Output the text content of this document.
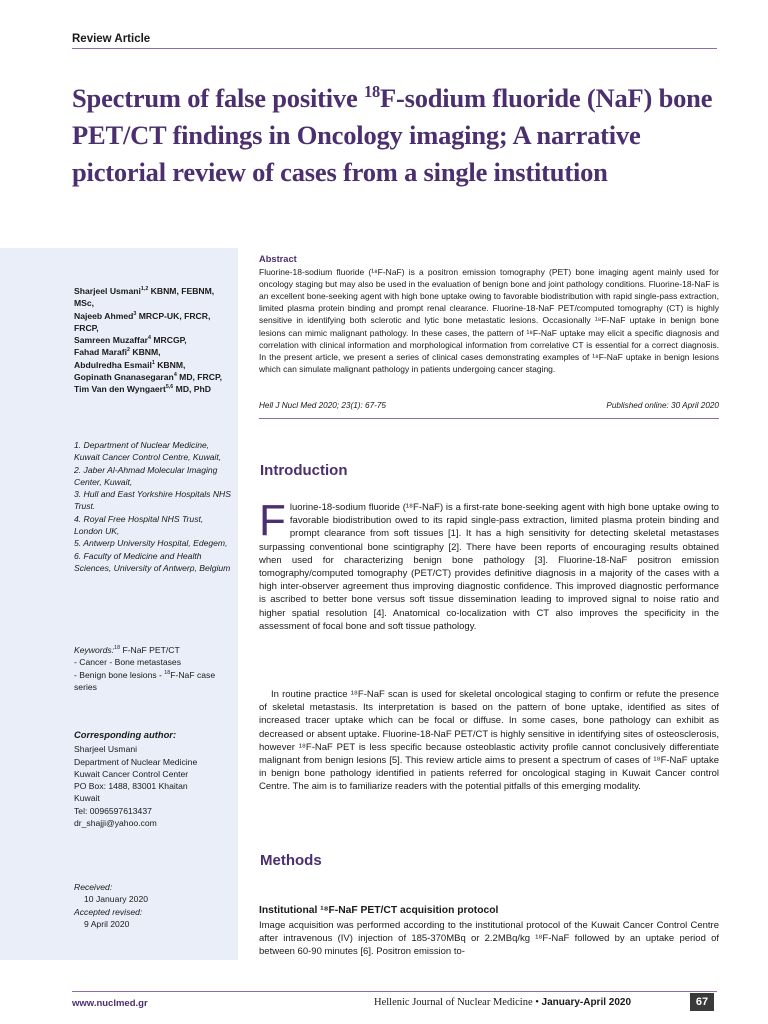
Review Article
Spectrum of false positive $^{18}$F-sodium fluoride (NaF) bone PET/CT findings in Oncology imaging; A narrative pictorial review of cases from a single institution
Sharjeel Usmani$^{1,2}$ KBNM, FEBNM, MSc,
Najeeb Ahmed$^3$ MRCP-UK, FRCR, FRCP,
Samreen Muzaffar$^4$ MRCGP,
Fahad Marafi$^2$ KBNM,
Abdulredha Esmail$^1$ KBNM,
Gopinath Gnanasegaran$^4$ MD, FRCP,
Tim Van den Wyngaert$^{5,6}$ MD, PhD
1. Department of Nuclear Medicine, Kuwait Cancer Control Centre, Kuwait,
2. Jaber Al-Ahmad Molecular Imaging Center, Kuwait,
3. Hull and East Yorkshire Hospitals NHS Trust.
4. Royal Free Hospital NHS Trust, London UK,
5. Antwerp University Hospital, Edegem,
6. Faculty of Medicine and Health Sciences, University of Antwerp, Belgium
Keywords:$^{18}$ F-NaF PET/CT
- Cancer - Bone metastases
- Benign bone lesions - $^{18}$F-NaF case series
Corresponding author:
Sharjeel Usmani
Department of Nuclear Medicine
Kuwait Cancer Control Center
PO Box: 1488, 83001 Khaitan
Kuwait
Tel: 0096597613437
dr_shajji@yahoo.com
Received:
10 January 2020
Accepted revised:
9 April 2020
Abstract
Fluorine-18-sodium fluoride (¹⁸F-NaF) is a positron emission tomography (PET) bone imaging agent mainly used for oncology staging but may also be used in the evaluation of benign bone and joint pathology conditions. Fluorine-18-NaF is an excellent bone-seeking agent with high bone uptake owing to favorable biodistribution with rapid single-pass extraction, limited plasma protein binding and prompt renal clearance. Fluorine-18-NaF PET/computed tomography (CT) is highly sensitive in identifying both sclerotic and lytic bone metastatic lesions. Occasionally ¹⁸F-NaF uptake in benign bone lesions can mimic malignant pathology. In these cases, the pattern of ¹⁸F-NaF uptake may elicit a specific diagnosis and correlation with clinical information and morphological information from correlative CT is essential for a correct diagnosis. In the present article, we present a series of clinical cases demonstrating examples of ¹⁸F-NaF uptake in benign lesions which can simulate malignant pathology in patients undergoing cancer staging.
Hell J Nucl Med 2020; 23(1): 67-75	Published online: 30 April 2020
Introduction
Fluorine-18-sodium fluoride (¹⁸F-NaF) is a first-rate bone-seeking agent with high bone uptake owing to favorable biodistribution owed to its rapid single-pass extraction, limited plasma protein binding and prompt clearance from soft tissues [1]. It has a high sensitivity for detecting skeletal metastases surpassing conventional bone scintigraphy [2]. There have been reports of encouraging results obtained when used for characterizing benign bone pathology [3]. Fluorine-18-NaF positron emission tomography/computed tomography (PET/CT) provides definitive diagnosis in a majority of the cases with a high inter-observer agreement thus improving diagnostic confidence. This improved diagnostic performance is ascribed to better bone versus soft tissue dissemination leading to improved signal to noise ratio and higher spatial resolution [4]. Anatomical co-localization with CT also improves the specificity in the assessment of focal bone and soft tissue pathology.
In routine practice ¹⁸F-NaF scan is used for skeletal oncological staging to confirm or refute the presence of skeletal metastasis. Its interpretation is based on the pattern of bone uptake, identified as sites of increased tracer uptake which can be focal or diffuse. In some cases, bone pathology can exhibit as decreased or absent uptake. Fluorine-18-NaF PET/CT is highly sensitive in identifying sites of osteosclerosis, however ¹⁸F-NaF PET is less specific because osteoblastic activity profile cannot conclusively differentiate malignant from benign lesions [5]. This review article aims to present a spectrum of cases of ¹⁸F-NaF uptake in benign bone pathology identified in patients referred for oncological staging in Kuwait Cancer control Centre. The aim is to familiarize readers with the potential pitfalls of this emerging modality.
Methods
Institutional ¹⁸F-NaF PET/CT acquisition protocol
Image acquisition was performed according to the institutional protocol of the Kuwait Cancer Control Centre after intravenous (IV) injection of 185-370MBq or 2.2MBq/kg ¹⁸F-NaF followed by an uptake period of between 60-90 minutes [6]. Positron emission to-
www.nuclmed.gr	Hellenic Journal of Nuclear Medicine • January-April 2020	67
